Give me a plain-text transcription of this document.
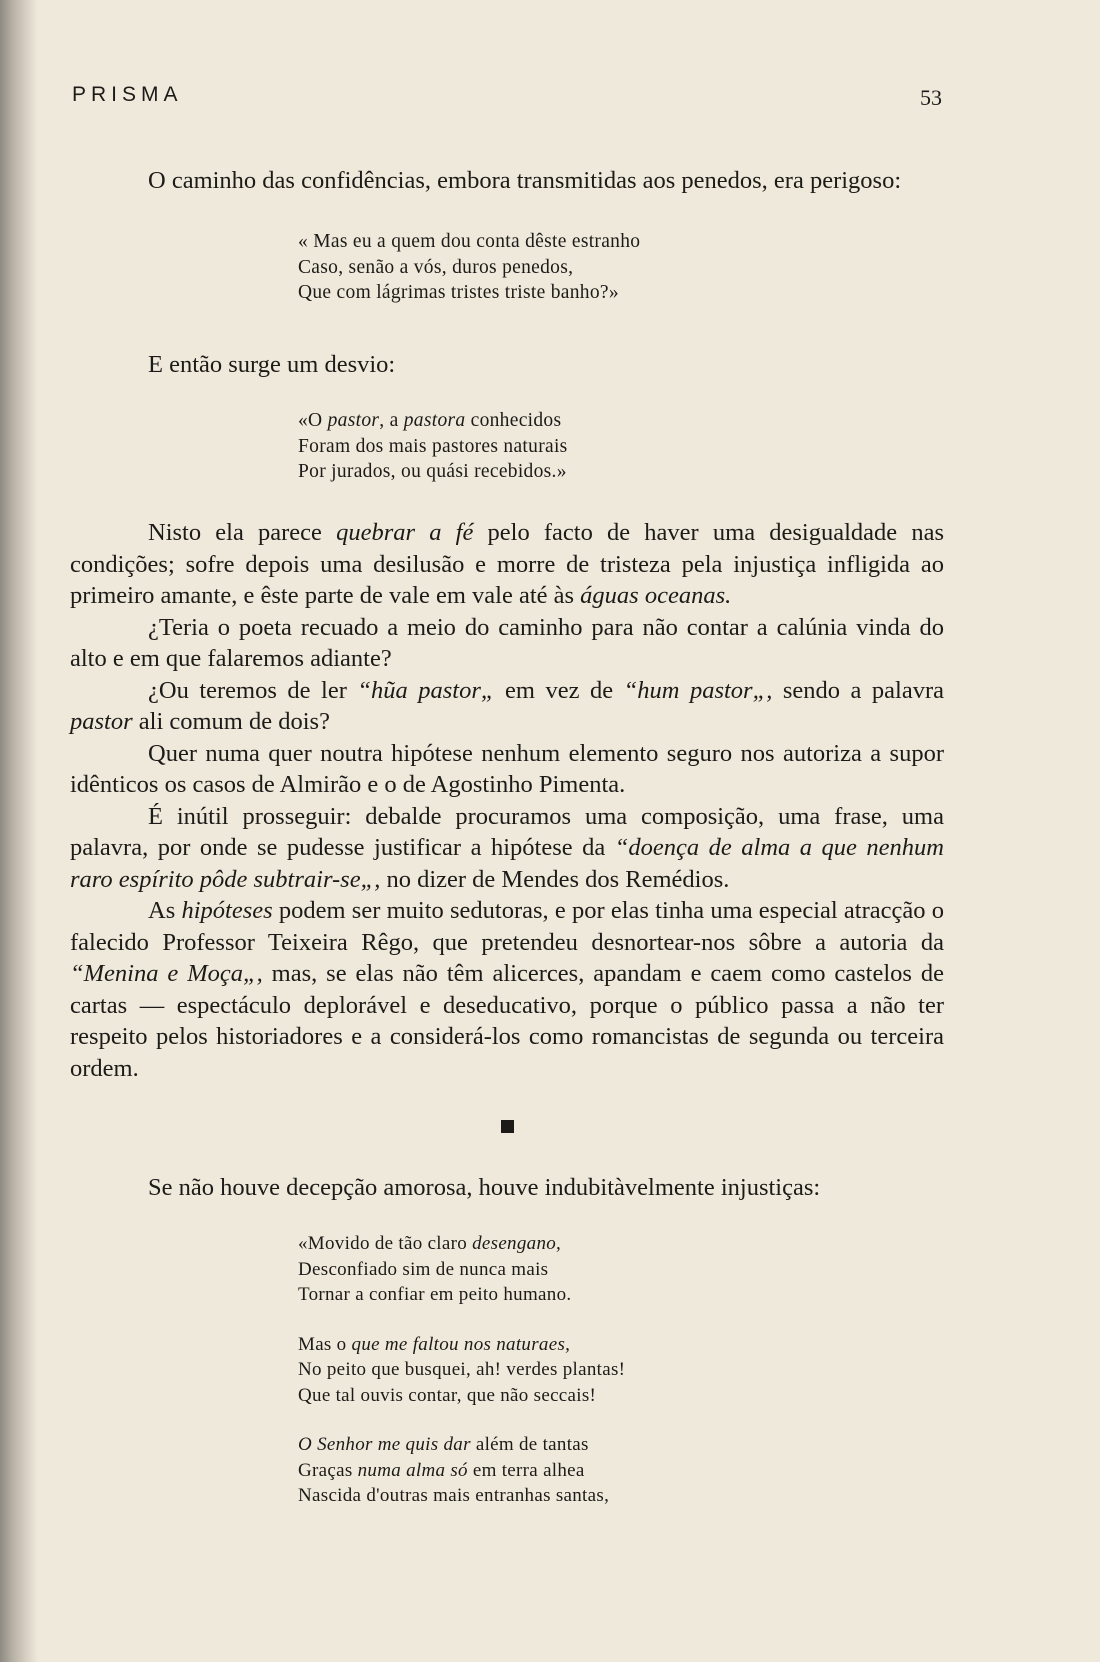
PRISMA	53

O caminho das confidências, embora transmitidas aos penedos, era perigoso:

« Mas eu a quem dou conta dêste estranho
Caso, senão a vós, duros penedos,
Que com lágrimas tristes triste banho?»

E então surge um desvio:

«O pastor, a pastora conhecidos
Foram dos mais pastores naturais
Por jurados, ou quási recebidos.»

Nisto ela parece quebrar a fé pelo facto de haver uma desigualdade nas condições; sofre depois uma desilusão e morre de tristeza pela injustiça infligida ao primeiro amante, e êste parte de vale em vale até às águas oceanas.

¿Teria o poeta recuado a meio do caminho para não contar a calúnia vinda do alto e em que falaremos adiante?

¿Ou teremos de ler “hũa pastor„ em vez de “hum pastor„, sendo a palavra pastor ali comum de dois?

Quer numa quer noutra hipótese nenhum elemento seguro nos autoriza a supor idênticos os casos de Almirão e o de Agostinho Pimenta.

É inútil prosseguir: debalde procuramos uma composição, uma frase, uma palavra, por onde se pudesse justificar a hipótese da “doença de alma a que nenhum raro espírito pôde subtrair-se„, no dizer de Mendes dos Remédios.

As hipóteses podem ser muito sedutoras, e por elas tinha uma especial atracção o falecido Professor Teixeira Rêgo, que pretendeu desnortear-nos sôbre a autoria da “Menina e Moça„, mas, se elas não têm alicerces, apandam e caem como castelos de cartas — espectáculo deplorável e deseducativo, porque o público passa a não ter respeito pelos historiadores e a considerá-los como romancistas de segunda ou terceira ordem.

Se não houve decepção amorosa, houve indubitàvelmente injustiças:

«Movido de tão claro desengano,
Desconfiado sim de nunca mais
Tornar a confiar em peito humano.
Mas o que me faltou nos naturaes,
No peito que busquei, ah! verdes plantas!
Que tal ouvis contar, que não seccais!
O Senhor me quis dar além de tantas
Graças numa alma só em terra alhea
Nascida d'outras mais entranhas santas,
